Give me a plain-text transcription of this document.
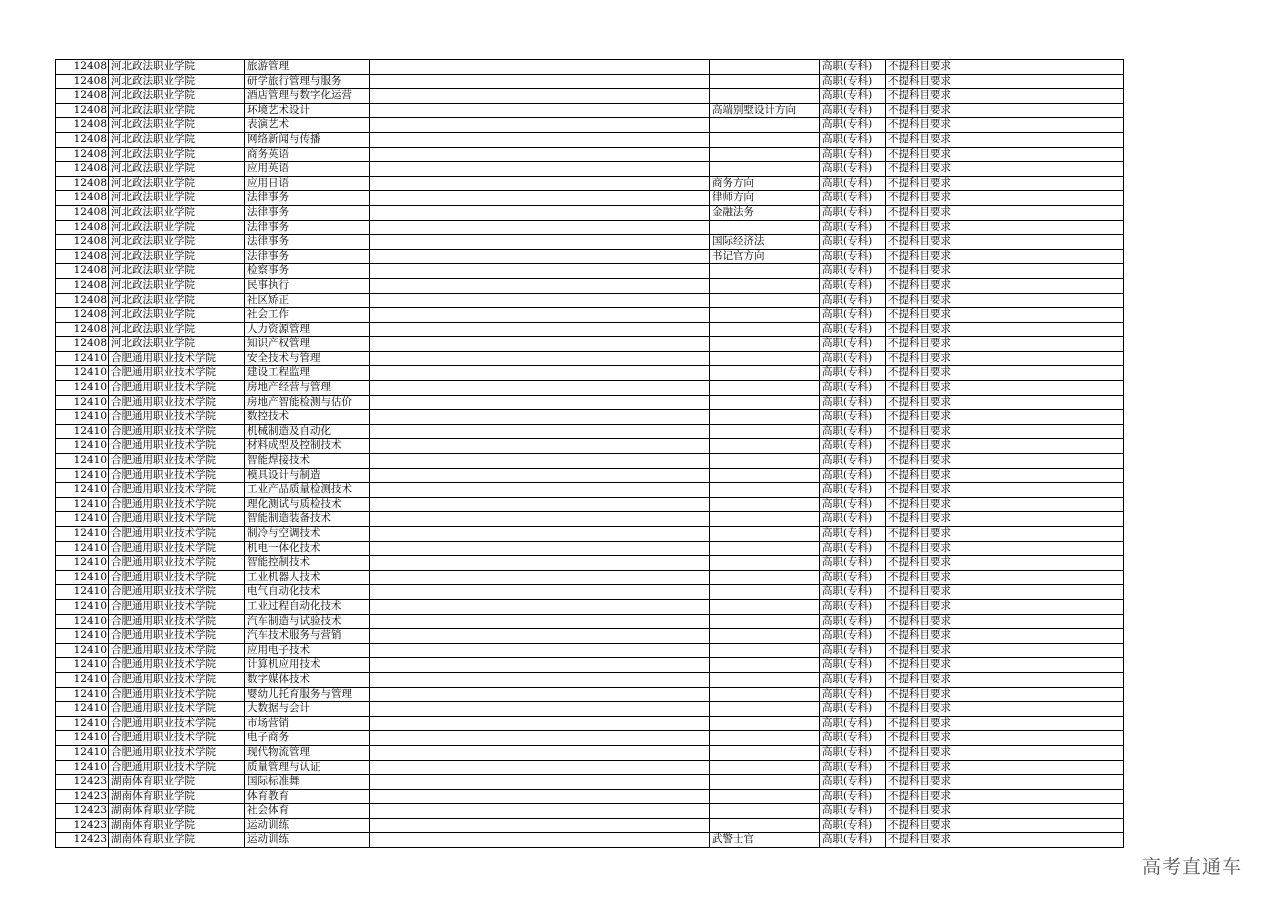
12408	河北政法职业学院	旅游管理			高职(专科)	不提科目要求
12408	河北政法职业学院	研学旅行管理与服务			高职(专科)	不提科目要求
12408	河北政法职业学院	酒店管理与数字化运营			高职(专科)	不提科目要求
12408	河北政法职业学院	环境艺术设计		高端别墅设计方向	高职(专科)	不提科目要求
12408	河北政法职业学院	表演艺术			高职(专科)	不提科目要求
12408	河北政法职业学院	网络新闻与传播			高职(专科)	不提科目要求
12408	河北政法职业学院	商务英语			高职(专科)	不提科目要求
12408	河北政法职业学院	应用英语			高职(专科)	不提科目要求
12408	河北政法职业学院	应用日语		商务方向	高职(专科)	不提科目要求
12408	河北政法职业学院	法律事务		律师方向	高职(专科)	不提科目要求
12408	河北政法职业学院	法律事务		金融法务	高职(专科)	不提科目要求
12408	河北政法职业学院	法律事务			高职(专科)	不提科目要求
12408	河北政法职业学院	法律事务		国际经济法	高职(专科)	不提科目要求
12408	河北政法职业学院	法律事务		书记官方向	高职(专科)	不提科目要求
12408	河北政法职业学院	检察事务			高职(专科)	不提科目要求
12408	河北政法职业学院	民事执行			高职(专科)	不提科目要求
12408	河北政法职业学院	社区矫正			高职(专科)	不提科目要求
12408	河北政法职业学院	社会工作			高职(专科)	不提科目要求
12408	河北政法职业学院	人力资源管理			高职(专科)	不提科目要求
12408	河北政法职业学院	知识产权管理			高职(专科)	不提科目要求
12410	合肥通用职业技术学院	安全技术与管理			高职(专科)	不提科目要求
12410	合肥通用职业技术学院	建设工程监理			高职(专科)	不提科目要求
12410	合肥通用职业技术学院	房地产经营与管理			高职(专科)	不提科目要求
12410	合肥通用职业技术学院	房地产智能检测与估价			高职(专科)	不提科目要求
12410	合肥通用职业技术学院	数控技术			高职(专科)	不提科目要求
12410	合肥通用职业技术学院	机械制造及自动化			高职(专科)	不提科目要求
12410	合肥通用职业技术学院	材料成型及控制技术			高职(专科)	不提科目要求
12410	合肥通用职业技术学院	智能焊接技术			高职(专科)	不提科目要求
12410	合肥通用职业技术学院	模具设计与制造			高职(专科)	不提科目要求
12410	合肥通用职业技术学院	工业产品质量检测技术			高职(专科)	不提科目要求
12410	合肥通用职业技术学院	理化测试与质检技术			高职(专科)	不提科目要求
12410	合肥通用职业技术学院	智能制造装备技术			高职(专科)	不提科目要求
12410	合肥通用职业技术学院	制冷与空调技术			高职(专科)	不提科目要求
12410	合肥通用职业技术学院	机电一体化技术			高职(专科)	不提科目要求
12410	合肥通用职业技术学院	智能控制技术			高职(专科)	不提科目要求
12410	合肥通用职业技术学院	工业机器人技术			高职(专科)	不提科目要求
12410	合肥通用职业技术学院	电气自动化技术			高职(专科)	不提科目要求
12410	合肥通用职业技术学院	工业过程自动化技术			高职(专科)	不提科目要求
12410	合肥通用职业技术学院	汽车制造与试验技术			高职(专科)	不提科目要求
12410	合肥通用职业技术学院	汽车技术服务与营销			高职(专科)	不提科目要求
12410	合肥通用职业技术学院	应用电子技术			高职(专科)	不提科目要求
12410	合肥通用职业技术学院	计算机应用技术			高职(专科)	不提科目要求
12410	合肥通用职业技术学院	数字媒体技术			高职(专科)	不提科目要求
12410	合肥通用职业技术学院	婴幼儿托育服务与管理			高职(专科)	不提科目要求
12410	合肥通用职业技术学院	大数据与会计			高职(专科)	不提科目要求
12410	合肥通用职业技术学院	市场营销			高职(专科)	不提科目要求
12410	合肥通用职业技术学院	电子商务			高职(专科)	不提科目要求
12410	合肥通用职业技术学院	现代物流管理			高职(专科)	不提科目要求
12410	合肥通用职业技术学院	质量管理与认证			高职(专科)	不提科目要求
12423	湖南体育职业学院	国际标准舞			高职(专科)	不提科目要求
12423	湖南体育职业学院	体育教育			高职(专科)	不提科目要求
12423	湖南体育职业学院	社会体育			高职(专科)	不提科目要求
12423	湖南体育职业学院	运动训练			高职(专科)	不提科目要求
12423	湖南体育职业学院	运动训练		武警士官	高职(专科)	不提科目要求
高考直通车
